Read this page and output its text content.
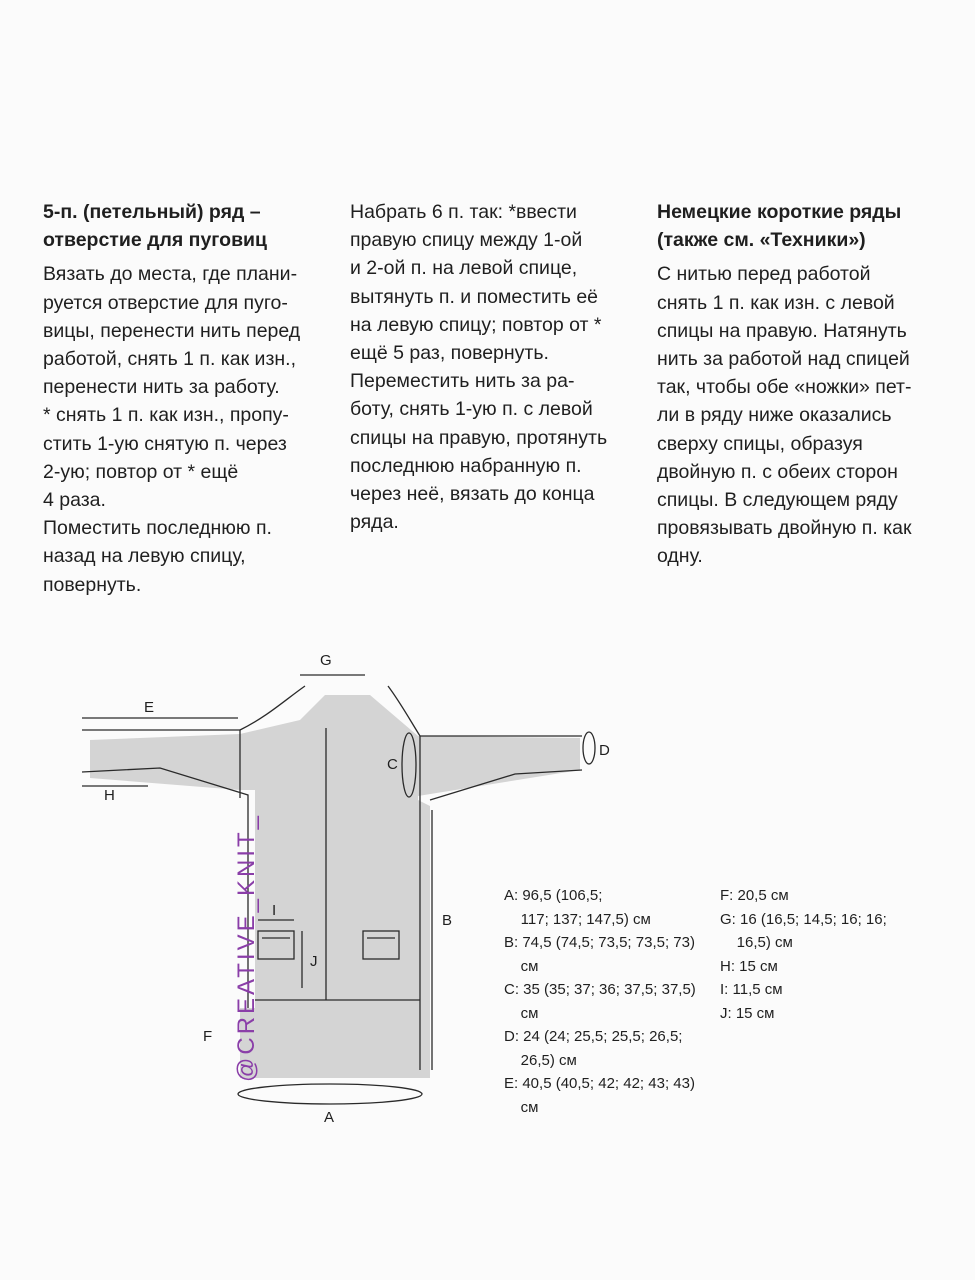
5-п. (петельный) ряд –
отверстие для пуговиц
Вязать до места, где плани-
руется отверстие для пуго-
вицы, перенести нить перед
работой, снять 1 п. как изн.,
перенести нить за работу.
* снять 1 п. как изн., пропу-
стить 1-ую снятую п. через
2-ую; повтор от * ещё
4 раза.
Поместить последнюю п.
назад на левую спицу,
повернуть.
Набрать 6 п. так: *ввести
правую спицу между 1-ой
и 2-ой п. на левой спице,
вытянуть п. и поместить её
на левую спицу; повтор от *
ещё 5 раз, повернуть.
Переместить нить за ра-
боту, снять 1-ую п. с левой
спицы на правую, протянуть
последнюю набранную п.
через неё, вязать до конца
ряда.
Немецкие короткие ряды
(также см. «Техники»)
С нитью перед работой
снять 1 п. как изн. с левой
спицы на правую. Натянуть
нить за работой над спицей
так, чтобы обе «ножки» пет-
ли в ряду ниже оказались
сверху спицы, образуя
двойную п. с обеих сторон
спицы. В следующем ряду
провязывать двойную п. как
одну.
A
B
C
D
E
F
G
H
I
J
A: 96,5 (106,5;
117; 137; 147,5) см
B: 74,5 (74,5; 73,5; 73,5; 73)
см
C: 35 (35; 37; 36; 37,5; 37,5)
см
D: 24 (24; 25,5; 25,5; 26,5;
26,5) см
E: 40,5 (40,5; 42; 42; 43; 43)
см
F: 20,5 см
G: 16 (16,5; 14,5; 16; 16;
16,5) см
H: 15 см
I: 11,5 см
J: 15 см
@CREATIVE_KNIT_
